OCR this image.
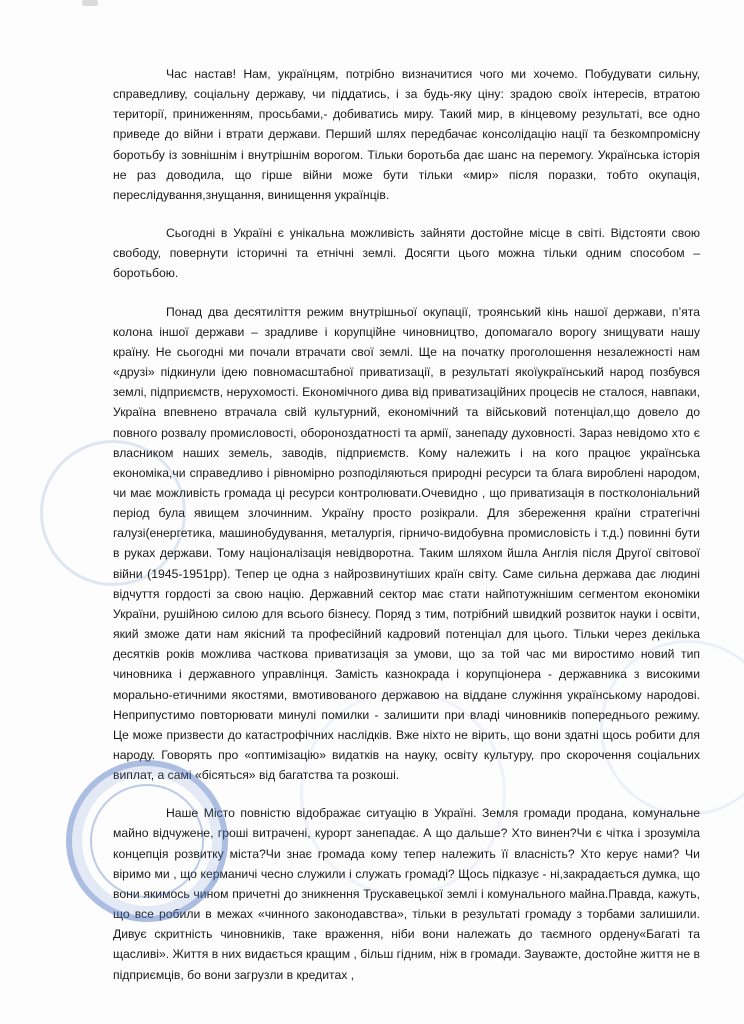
Час настав! Нам, українцям, потрібно визначитися чого ми хочемо. Побудувати сильну, справедливу, соціальну державу, чи піддатись, і за будь-яку ціну: зрадою своїх інтересів, втратою території, приниженням, просьбами,- добиватись миру. Такий мир, в кінцевому результаті, все одно приведе до війни і втрати держави. Перший шлях передбачає консолідацію нації та безкомпромісну боротьбу із зовнішнім і внутрішнім ворогом. Тільки боротьба дає шанс на перемогу. Українська історія не раз доводила, що гірше війни може бути тільки «мир» після поразки, тобто окупація, переслідування,знущання, винищення українців.

Сьогодні в Україні є унікальна можливість зайняти достойне місце в світі. Відстояти свою свободу, повернути історичні та етнічні землі. Досягти цього можна тільки одним способом – боротьбою.

Понад два десятиліття режим внутрішньої окупації, троянський кінь нашої держави, п’ята колона іншої держави – зрадливе і корупційне чиновництво, допомагало ворогу знищувати нашу країну. Не сьогодні ми почали втрачати свої землі. Ще на початку проголошення незалежності нам «друзі» підкинули ідею повномасштабної приватизації, в результаті якоїукраїнський народ позбувся землі, підприємств, нерухомості. Економічного дива від приватизаційних процесів не сталося, навпаки, Україна впевнено втрачала свій культурний, економічний та військовий потенціал,що довело до повного розвалу промисловості, обороноздатності та армії, занепаду духовності. Зараз невідомо хто є власником наших земель, заводів, підприємств. Кому належить і на кого працює українська економіка,чи справедливо і рівномірно розподіляються природні ресурси та блага вироблені народом, чи має можливість громада ці ресурси контролювати.Очевидно , що приватизація в постколоніальний період була явищем злочинним. Україну просто розікрали. Для збереження країни стратегічні галузі(енергетика, машинобудування, металургія, гірничо-видобувна промисловість і т.д.) повинні бути в руках держави. Тому націоналізація невідворотна. Таким шляхом йшла Англія після Другої світової війни (1945-1951рр). Тепер це одна з найрозвинутіших країн світу. Саме сильна держава дає людині відчуття гордості за свою націю. Державний сектор має стати найпотужнішим сегментом економіки України, рушійною силою для всього бізнесу. Поряд з тим, потрібний швидкий розвиток науки і освіти, який зможе дати нам якісний та професійний кадровий потенціал для цього. Тільки через декілька десятків років можлива часткова приватизація за умови, що за той час ми виростимо новий тип чиновника і державного управлінця. Замість казнокрада і корупціонера - державника з високими морально-етичними якостями, вмотивованого державою на віддане служіння українському народові. Неприпустимо повторювати минулі помилки - залишити при владі чиновників попереднього режиму. Це може призвести до катастрофічних наслідків. Вже ніхто не вірить, що вони здатні щось робити для народу. Говорять про «оптимізацію» видатків на науку, освіту культуру, про скорочення соціальних виплат, а самі «бісяться» від багатства та розкоші.

Наше Місто повністю відображає ситуацію в Україні. Земля громади продана, комунальне майно відчужене, гроші витрачені, курорт занепадає. А що дальше? Хто винен?Чи є чітка і зрозуміла концепція розвитку міста?Чи знає громада кому тепер належить її власність? Хто керує нами? Чи віримо ми , що керманичі чесно служили і служать громаді? Щось підказує - ні,закрадається думка, що вони якимось чином причетні до зникнення Трускавецької землі і комунального майна.Правда, кажуть, що все робили в межах «чинного законодавства», тільки в результаті громаду з торбами залишили. Дивує скритність чиновників, таке враження, ніби вони належать до таємного ордену«Багаті та щасливі». Життя в них видається кращим , більш гідним, ніж в громади. Зауважте, достойне життя не в підприємців, бо вони загрузли в кредитах ,
